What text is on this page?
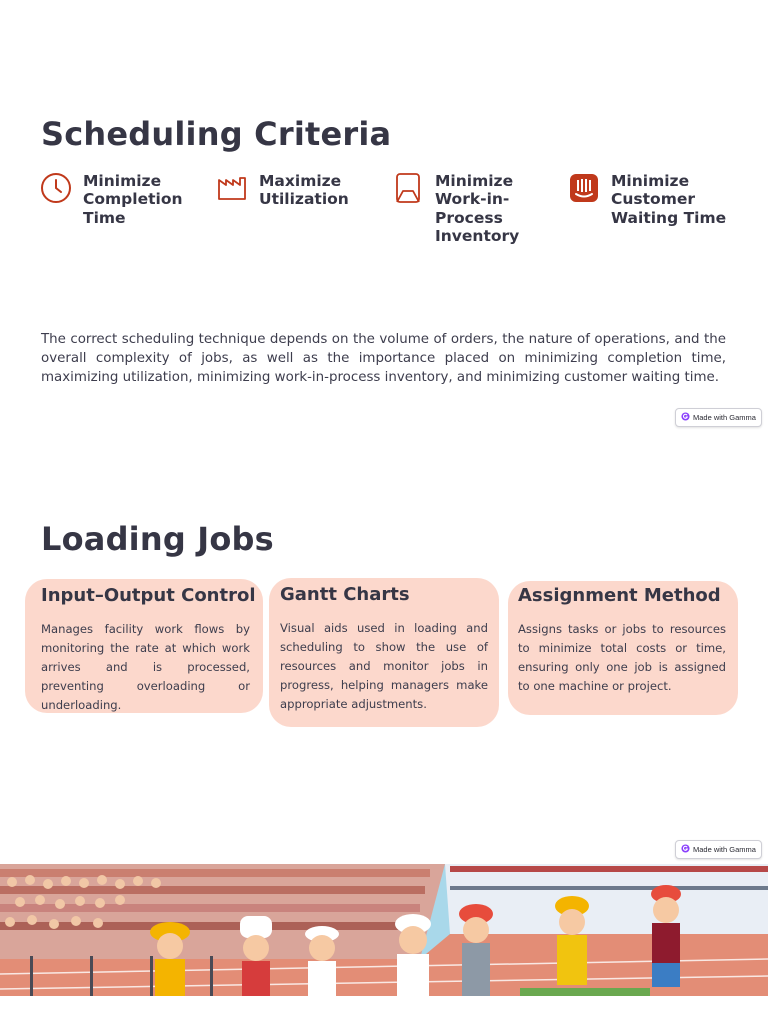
Scheduling Criteria
Minimize Completion Time
Maximize Utilization
Minimize Work-in-Process Inventory
Minimize Customer Waiting Time

The correct scheduling technique depends on the volume of orders, the nature of operations, and the overall complexity of jobs, as well as the importance placed on minimizing completion time, maximizing utilization, minimizing work-in-process inventory, and minimizing customer waiting time.

Made with Gamma
Loading Jobs
Input–Output Control
Manages facility work flows by monitoring the rate at which work arrives and is processed, preventing overloading or underloading.
Gantt Charts
Visual aids used in loading and scheduling to show the use of resources and monitor jobs in progress, helping managers make appropriate adjustments.
Assignment Method
Assigns tasks or jobs to resources to minimize total costs or time, ensuring only one job is assigned to one machine or project.
Made with Gamma
